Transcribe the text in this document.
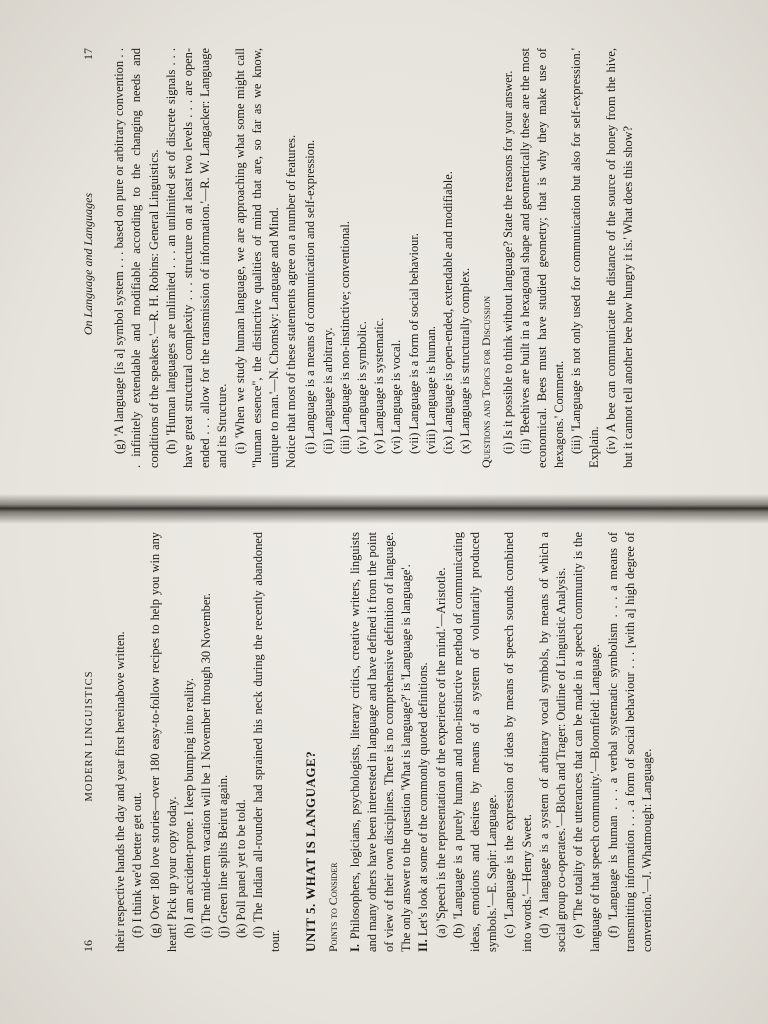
16
MODERN LINGUISTICS their respective hands the day and year first hereinabove written. (f) I think we'd better get out. (g) Over 180 love stories—over 180 easy-to-follow recipes to help you win any heart! Pick up your copy today. (h) I am accident-prone. I keep bumping into reality. (i) The mid-term vacation will be 1 November through 30 November. (j) Green line splits Beirut again. (k) Poll panel yet to be told. (l) The Indian all-rounder had sprained his neck during the recently abandoned tour. UNIT 5. WHAT IS LANGUAGE? Points to Consider I. Philosophers, logicians, psychologists, literary critics, creative writers, linguists and many others have been interested in language and have defined it from the point of view of their own disciplines. There is no comprehensive definition of language. The only answer to the question 'What is language?' is 'Language is language'. II. Let's look at some of the commonly quoted definitions. (a) 'Speech is the representation of the experience of the mind.'—Aristotle. (b) 'Language is a purely human and non-instinctive method of communicating ideas, emotions and desires by means of a system of voluntarily produced symbols.'—E. Sapir: Language. (c) 'Language is the expression of ideas by means of speech sounds combined into words.'—Henry Sweet. (d) 'A language is a system of arbitrary vocal symbols, by means of which a social group co-operates.'—Bloch and Trager: Outline of Linguistic Analysis. (e) 'The totality of the utterances that can be made in a speech community is the language of that speech community.'—Bloomfield: Language. (f) 'Language is human . . . a verbal systematic symbolism . . . a means of transmitting information . . . a form of social behaviour . . . [with a] high degree of convention.'—J. Whatmough: Language.

On Language and Languages
17 (g) 'A language [is a] symbol system . . . based on pure or arbitrary convention . . . infinitely extendable and modifiable according to the changing needs and conditions of the speakers.'—R. H. Robins: General Linguistics. (h) 'Human languages are unlimited . . . an unlimited set of discrete signals . . . have great structural complexity . . . structure on at least two levels . . . are open-ended . . . allow for the transmission of information.'—R. W. Langacker: Language and its Structure. (i) 'When we study human language, we are approaching what some might call "human essence", the distinctive qualities of mind that are, so far as we know, unique to man.'—N. Chomsky: Language and Mind. Notice that most of these statements agree on a number of features. (i) Language is a means of communication and self-expression. (ii) Language is arbitrary. (iii) Language is non-instinctive; conventional. (iv) Language is symbolic. (v) Language is systematic. (vi) Language is vocal. (vii) Language is a form of social behaviour. (viii) Language is human. (ix) Language is open-ended, extendable and modifiable. (x) Language is structurally complex. Questions and Topics for Discussion (i) Is it possible to think without language? State the reasons for your answer. (ii) 'Beehives are built in a hexagonal shape and geometrically these are the most economical. Bees must have studied geometry; that is why they make use of hexagons.' Comment. (iii) 'Language is not only used for communication but also for self-expression.' Explain. (iv) A bee can communicate the distance of the source of honey from the hive, but it cannot tell another bee how hungry it is.' What does this show?
